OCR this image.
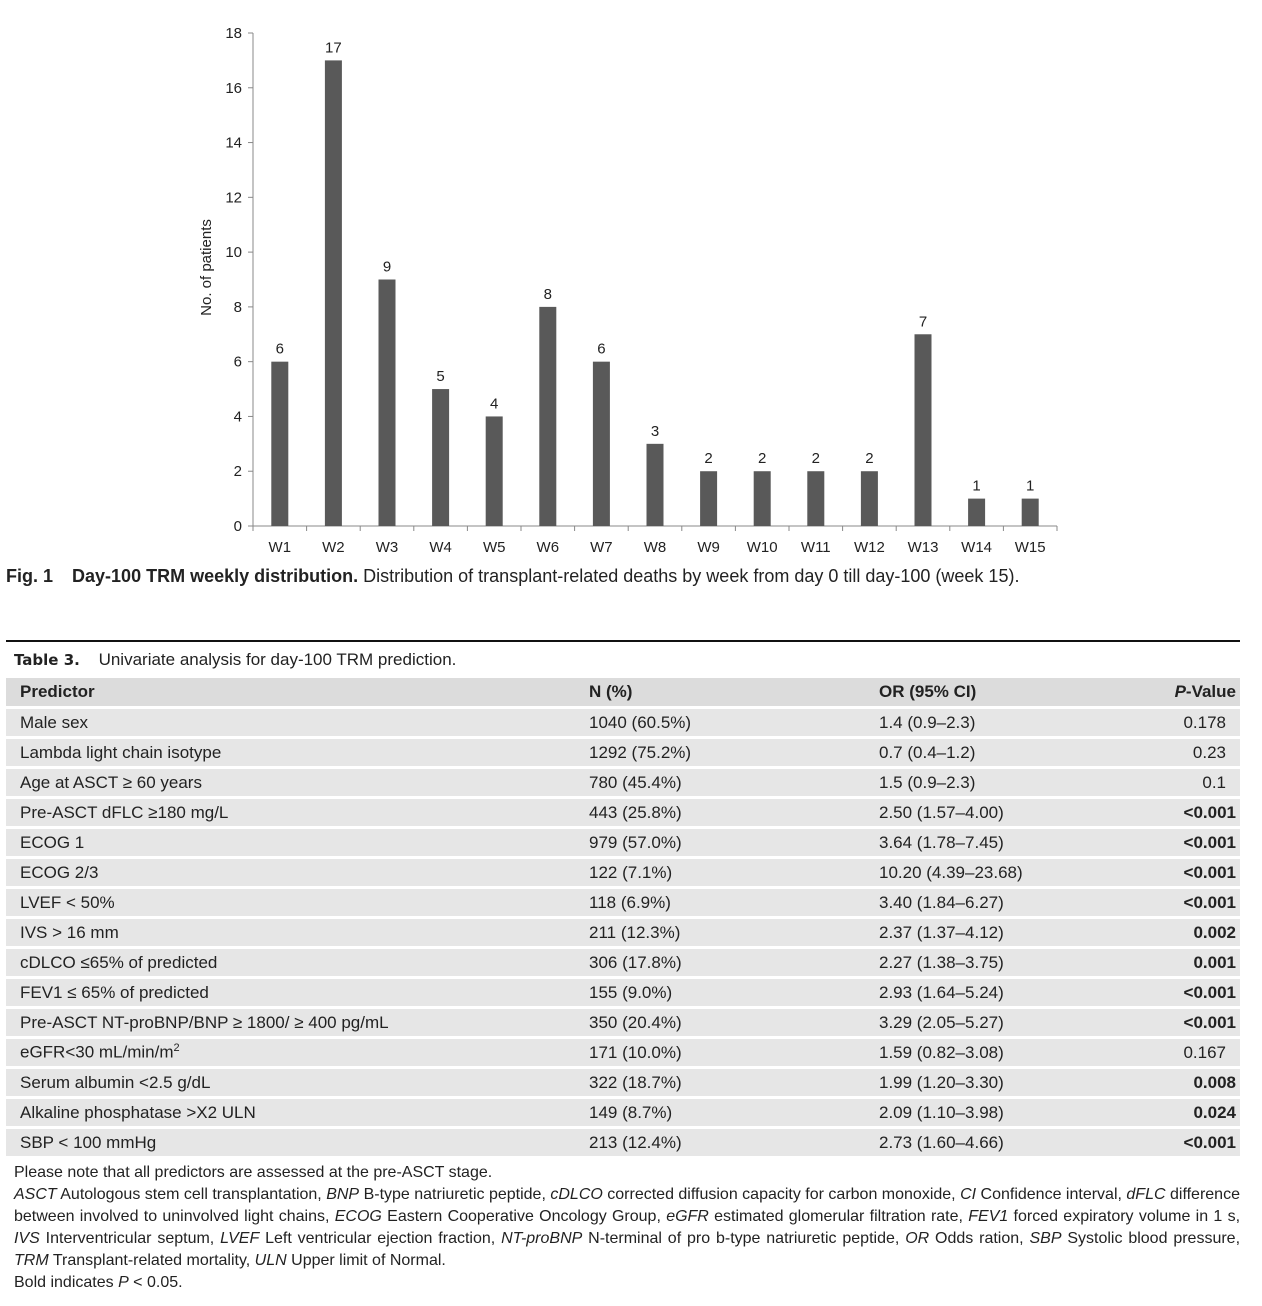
0
2
4
6
8
10
12
14
16
18
No. of patients
6
W1
17
W2
9
W3
5
W4
4
W5
8
W6
6
W7
3
W8
2
W9
2
W10
2
W11
2
W12
7
W13
1
W14
1
W15
Fig. 1 Day-100 TRM weekly distribution. Distribution of transplant-related deaths by week from day 0 till day-100 (week 15).
Table 3. Univariate analysis for day-100 TRM prediction.
Predictor	N (%)	OR (95% CI)	P-Value
Male sex	1040 (60.5%)	1.4 (0.9–2.3)	0.178
Lambda light chain isotype	1292 (75.2%)	0.7 (0.4–1.2)	0.23
Age at ASCT ≥ 60 years	780 (45.4%)	1.5 (0.9–2.3)	0.1
Pre-ASCT dFLC ≥180 mg/L	443 (25.8%)	2.50 (1.57–4.00)	<0.001
ECOG 1	979 (57.0%)	3.64 (1.78–7.45)	<0.001
ECOG 2/3	122 (7.1%)	10.20 (4.39–23.68)	<0.001
LVEF < 50%	118 (6.9%)	3.40 (1.84–6.27)	<0.001
IVS > 16 mm	211 (12.3%)	2.37 (1.37–4.12)	0.002
cDLCO ≤65% of predicted	306 (17.8%)	2.27 (1.38–3.75)	0.001
FEV1 ≤ 65% of predicted	155 (9.0%)	2.93 (1.64–5.24)	<0.001
Pre-ASCT NT-proBNP/BNP ≥ 1800/ ≥ 400 pg/mL	350 (20.4%)	3.29 (2.05–5.27)	<0.001
eGFR<30 $mL/\min/m^2$	171 (10.0%)	1.59 (0.82–3.08)	0.167
Serum albumin <2.5 g/dL	322 (18.7%)	1.99 (1.20–3.30)	0.008
Alkaline phosphatase >X2 ULN	149 (8.7%)	2.09 (1.10–3.98)	0.024
SBP < 100 mmHg	213 (12.4%)	2.73 (1.60–4.66)	<0.001
Please note that all predictors are assessed at the pre-ASCT stage.
ASCT Autologous stem cell transplantation, BNP B-type natriuretic peptide, cDLCO corrected diffusion capacity for carbon monoxide, CI Confidence interval, dFLC difference between involved to uninvolved light chains, ECOG Eastern Cooperative Oncology Group, eGFR estimated glomerular filtration rate, FEV1 forced expiratory volume in 1 s, IVS Interventricular septum, LVEF Left ventricular ejection fraction, NT-proBNP N-terminal of pro b-type natriuretic peptide, OR Odds ration, SBP Systolic blood pressure, TRM Transplant-related mortality, ULN Upper limit of Normal.
Bold indicates P < 0.05.
